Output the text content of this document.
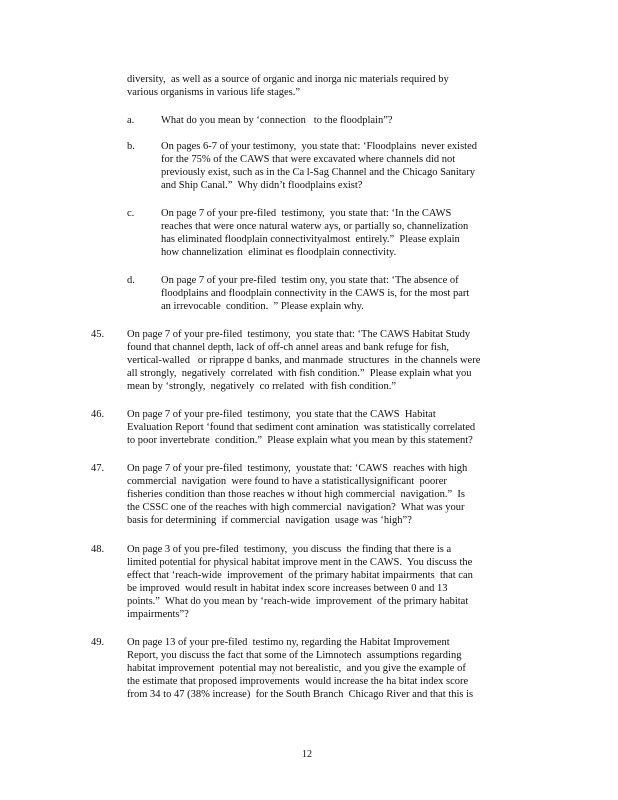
diversity,  as well as a source of organic and inorga nic materials required by
various organisms in various life stages.”
a.	What do you mean by ‘connection   to the floodplain”?
b. On pages 6-7 of your testimony,  you state that: ‘Floodplains  never existed
for the 75% of the CAWS that were excavated where channels did not
previously exist, such as in the Ca l-Sag Channel and the Chicago Sanitary
and Ship Canal.”  Why didn’t floodplains exist?
c.	On page 7 of your pre-filed  testimony,  you state that: ‘In the CAWS
reaches that were once natural waterw ays, or partially so, channelization
has eliminated floodplain connectivityalmost  entirely.”  Please explain
how channelization  eliminat es floodplain connectivity.
d. On page 7 of your pre-filed  testim ony, you state that: ‘The absence of
floodplains and floodplain connectivity in the CAWS is, for the most part
an irrevocable  condition.  ” Please explain why.
45. On page 7 of your pre-filed  testimony,  you state that: ‘The CAWS Habitat Study
found that channel depth, lack of off-ch annel areas and bank refuge for fish,
vertical-walled   or riprappe d banks, and manmade  structures  in the channels were
all strongly,  negatively  correlated  with fish condition.”  Please explain what you
mean by ‘strongly,  negatively  co rrelated  with fish condition.”
46. On page 7 of your pre-filed  testimony,  you state that the CAWS  Habitat
Evaluation Report ‘found that sediment cont amination  was statistically correlated
to poor invertebrate  condition.”  Please explain what you mean by this statement?
47. On page 7 of your pre-filed  testimony,  youstate that: ‘CAWS  reaches with high
commercial  navigation  were found to have a statisticallysignificant  poorer
fisheries condition than those reaches w ithout high commercial  navigation.”  Is
the CSSC one of the reaches with high commercial  navigation?  What was your
basis for determining  if commercial  navigation  usage was ‘high”?
48. On page 3 of you pre-filed  testimony,  you discuss  the finding that there is a
limited potential for physical habitat improve ment in the CAWS.  You discuss the
effect that ‘reach-wide  improvement  of the primary habitat impairments  that can
be improved  would result in habitat index score increases between 0 and 13
points.”  What do you mean by ‘reach-wide  improvement  of the primary habitat
impairments”?
49. On page 13 of your pre-filed  testimo ny, regarding the Habitat Improvement
Report, you discuss the fact that some of the Limnotech  assumptions regarding
habitat improvement  potential may not berealistic,  and you give the example of
the estimate that proposed improvements  would increase the ha bitat index score
from 34 to 47 (38% increase)  for the South Branch  Chicago River and that this is
12
